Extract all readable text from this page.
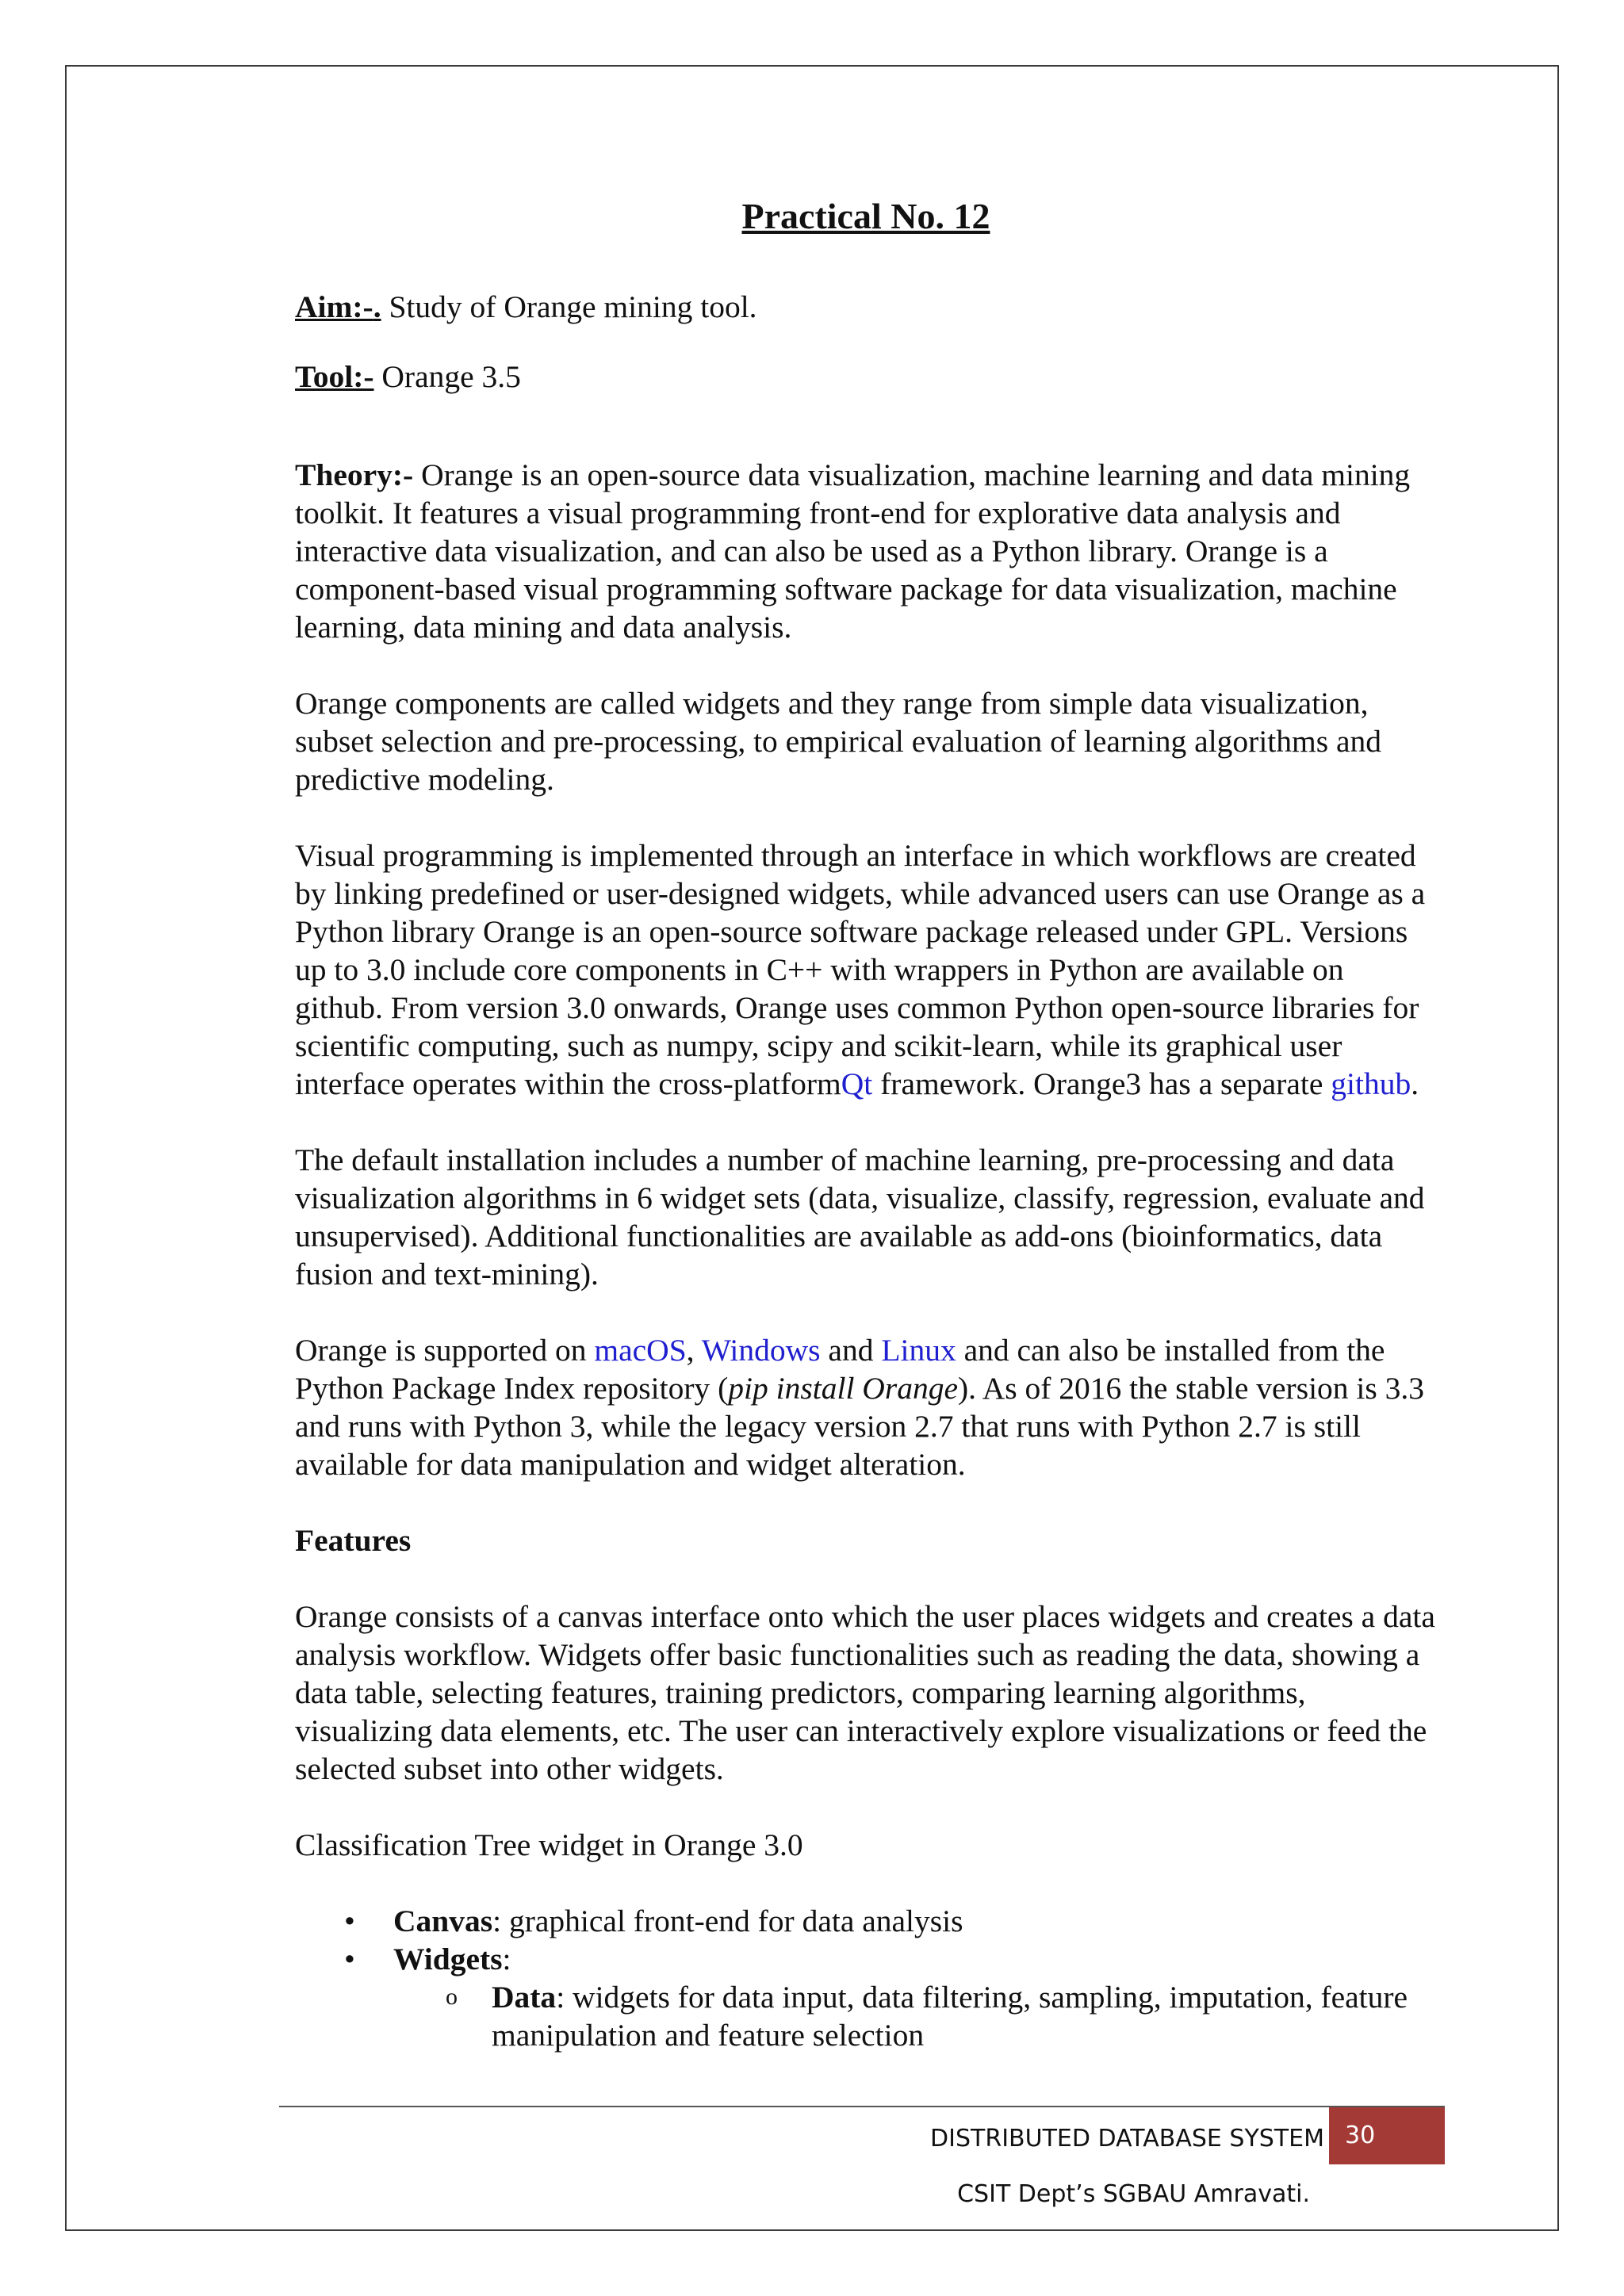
Practical No. 12

Aim:-. Study of Orange mining tool.

Tool:- Orange 3.5

Theory:- Orange is an open-source data visualization, machine learning and data mining toolkit. It features a visual programming front-end for explorative data analysis and interactive data visualization, and can also be used as a Python library. Orange is a component-based visual programming software package for data visualization, machine learning, data mining and data analysis.

Orange components are called widgets and they range from simple data visualization, subset selection and pre-processing, to empirical evaluation of learning algorithms and predictive modeling.

Visual programming is implemented through an interface in which workflows are created by linking predefined or user-designed widgets, while advanced users can use Orange as a Python library Orange is an open-source software package released under GPL. Versions up to 3.0 include core components in C++ with wrappers in Python are available on github. From version 3.0 onwards, Orange uses common Python open-source libraries for scientific computing, such as numpy, scipy and scikit-learn, while its graphical user interface operates within the cross-platformQt framework. Orange3 has a separate github.

The default installation includes a number of machine learning, pre-processing and data visualization algorithms in 6 widget sets (data, visualize, classify, regression, evaluate and unsupervised). Additional functionalities are available as add-ons (bioinformatics, data fusion and text-mining).

Orange is supported on macOS, Windows and Linux and can also be installed from the Python Package Index repository (pip install Orange). As of 2016 the stable version is 3.3 and runs with Python 3, while the legacy version 2.7 that runs with Python 2.7 is still available for data manipulation and widget alteration.

Features

Orange consists of a canvas interface onto which the user places widgets and creates a data analysis workflow. Widgets offer basic functionalities such as reading the data, showing a data table, selecting features, training predictors, comparing learning algorithms, visualizing data elements, etc. The user can interactively explore visualizations or feed the selected subset into other widgets.

Classification Tree widget in Orange 3.0

• Canvas: graphical front-end for data analysis
• Widgets:
o Data: widgets for data input, data filtering, sampling, imputation, feature manipulation and feature selection
DISTRIBUTED DATABASE SYSTEM 30
CSIT Dept’s SGBAU Amravati.
